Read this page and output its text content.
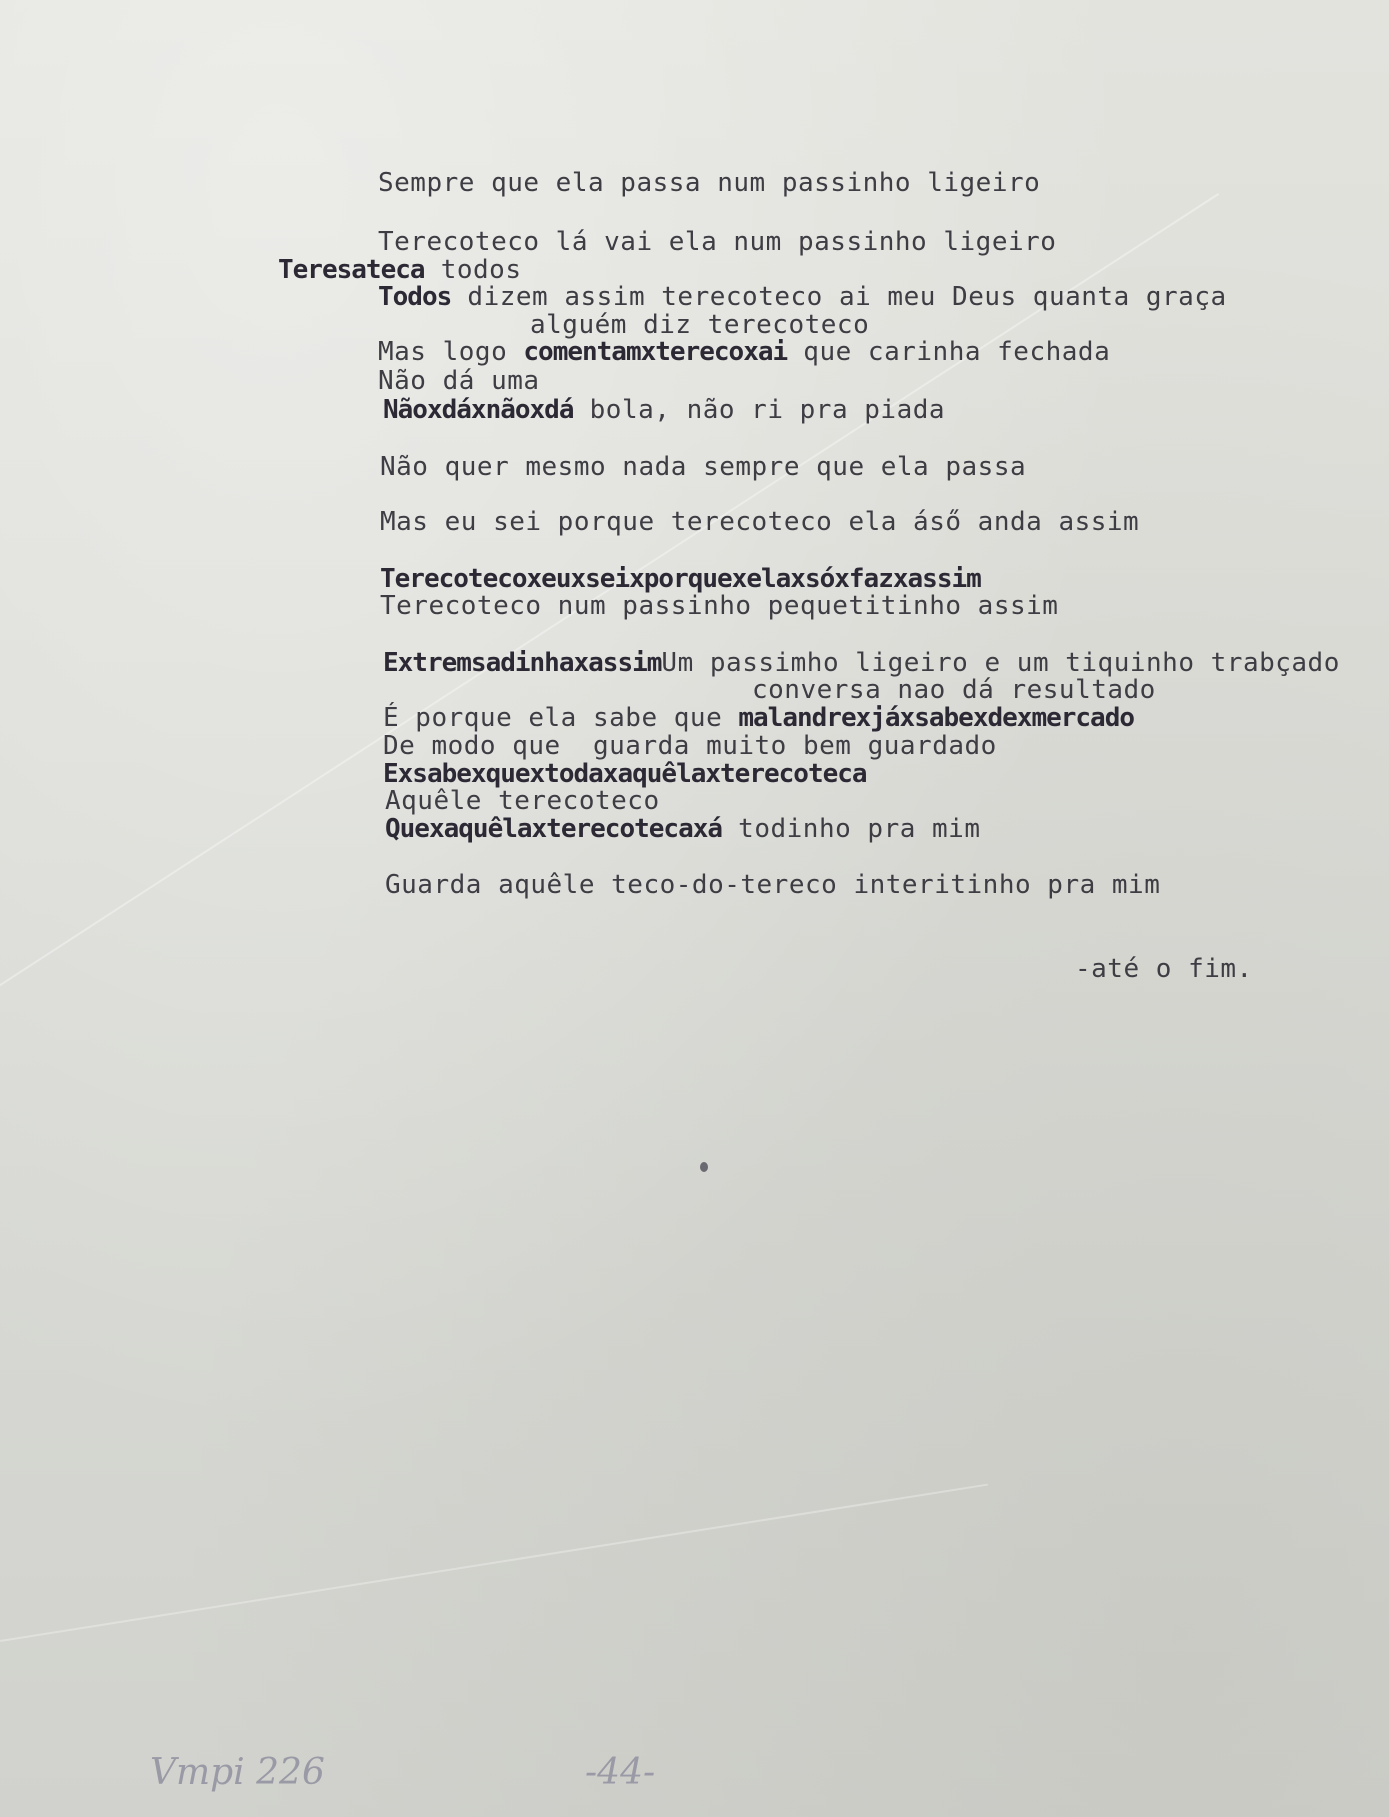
Sempre que ela passa num passinho ligeiro
Terecoteco lá vai ela num passinho ligeiro
Teresateca todos
Todos dizem assim terecoteco ai meu Deus quanta graça
alguém diz terecoteco
Mas logo comentamxterecoxai que carinha fechada
Não dá uma
Nãoxdáxnãoxdá bola, não ri pra piada
Não quer mesmo nada sempre que ela passa
Mas eu sei porque terecoteco ela áső anda assim
Terecotecoxeuxseixporquexelaxsóxfazxassim
Terecoteco num passinho pequetitinho assim
ExtremsadinhaxassimUm passimho ligeiro e um tiquinho trabçado
conversa nao dá resultado
É porque ela sabe que malandrexjáxsabexdexmercado
De modo que  guarda muito bem guardado
Exsabexquextodaxaquêlaxterecoteca
Aquêle terecoteco
Quexaquêlaxterecotecaxá todinho pra mim
Guarda aquêle teco-do-tereco interitinho pra mim
-até o fim.
Vmpi 226	-44-
